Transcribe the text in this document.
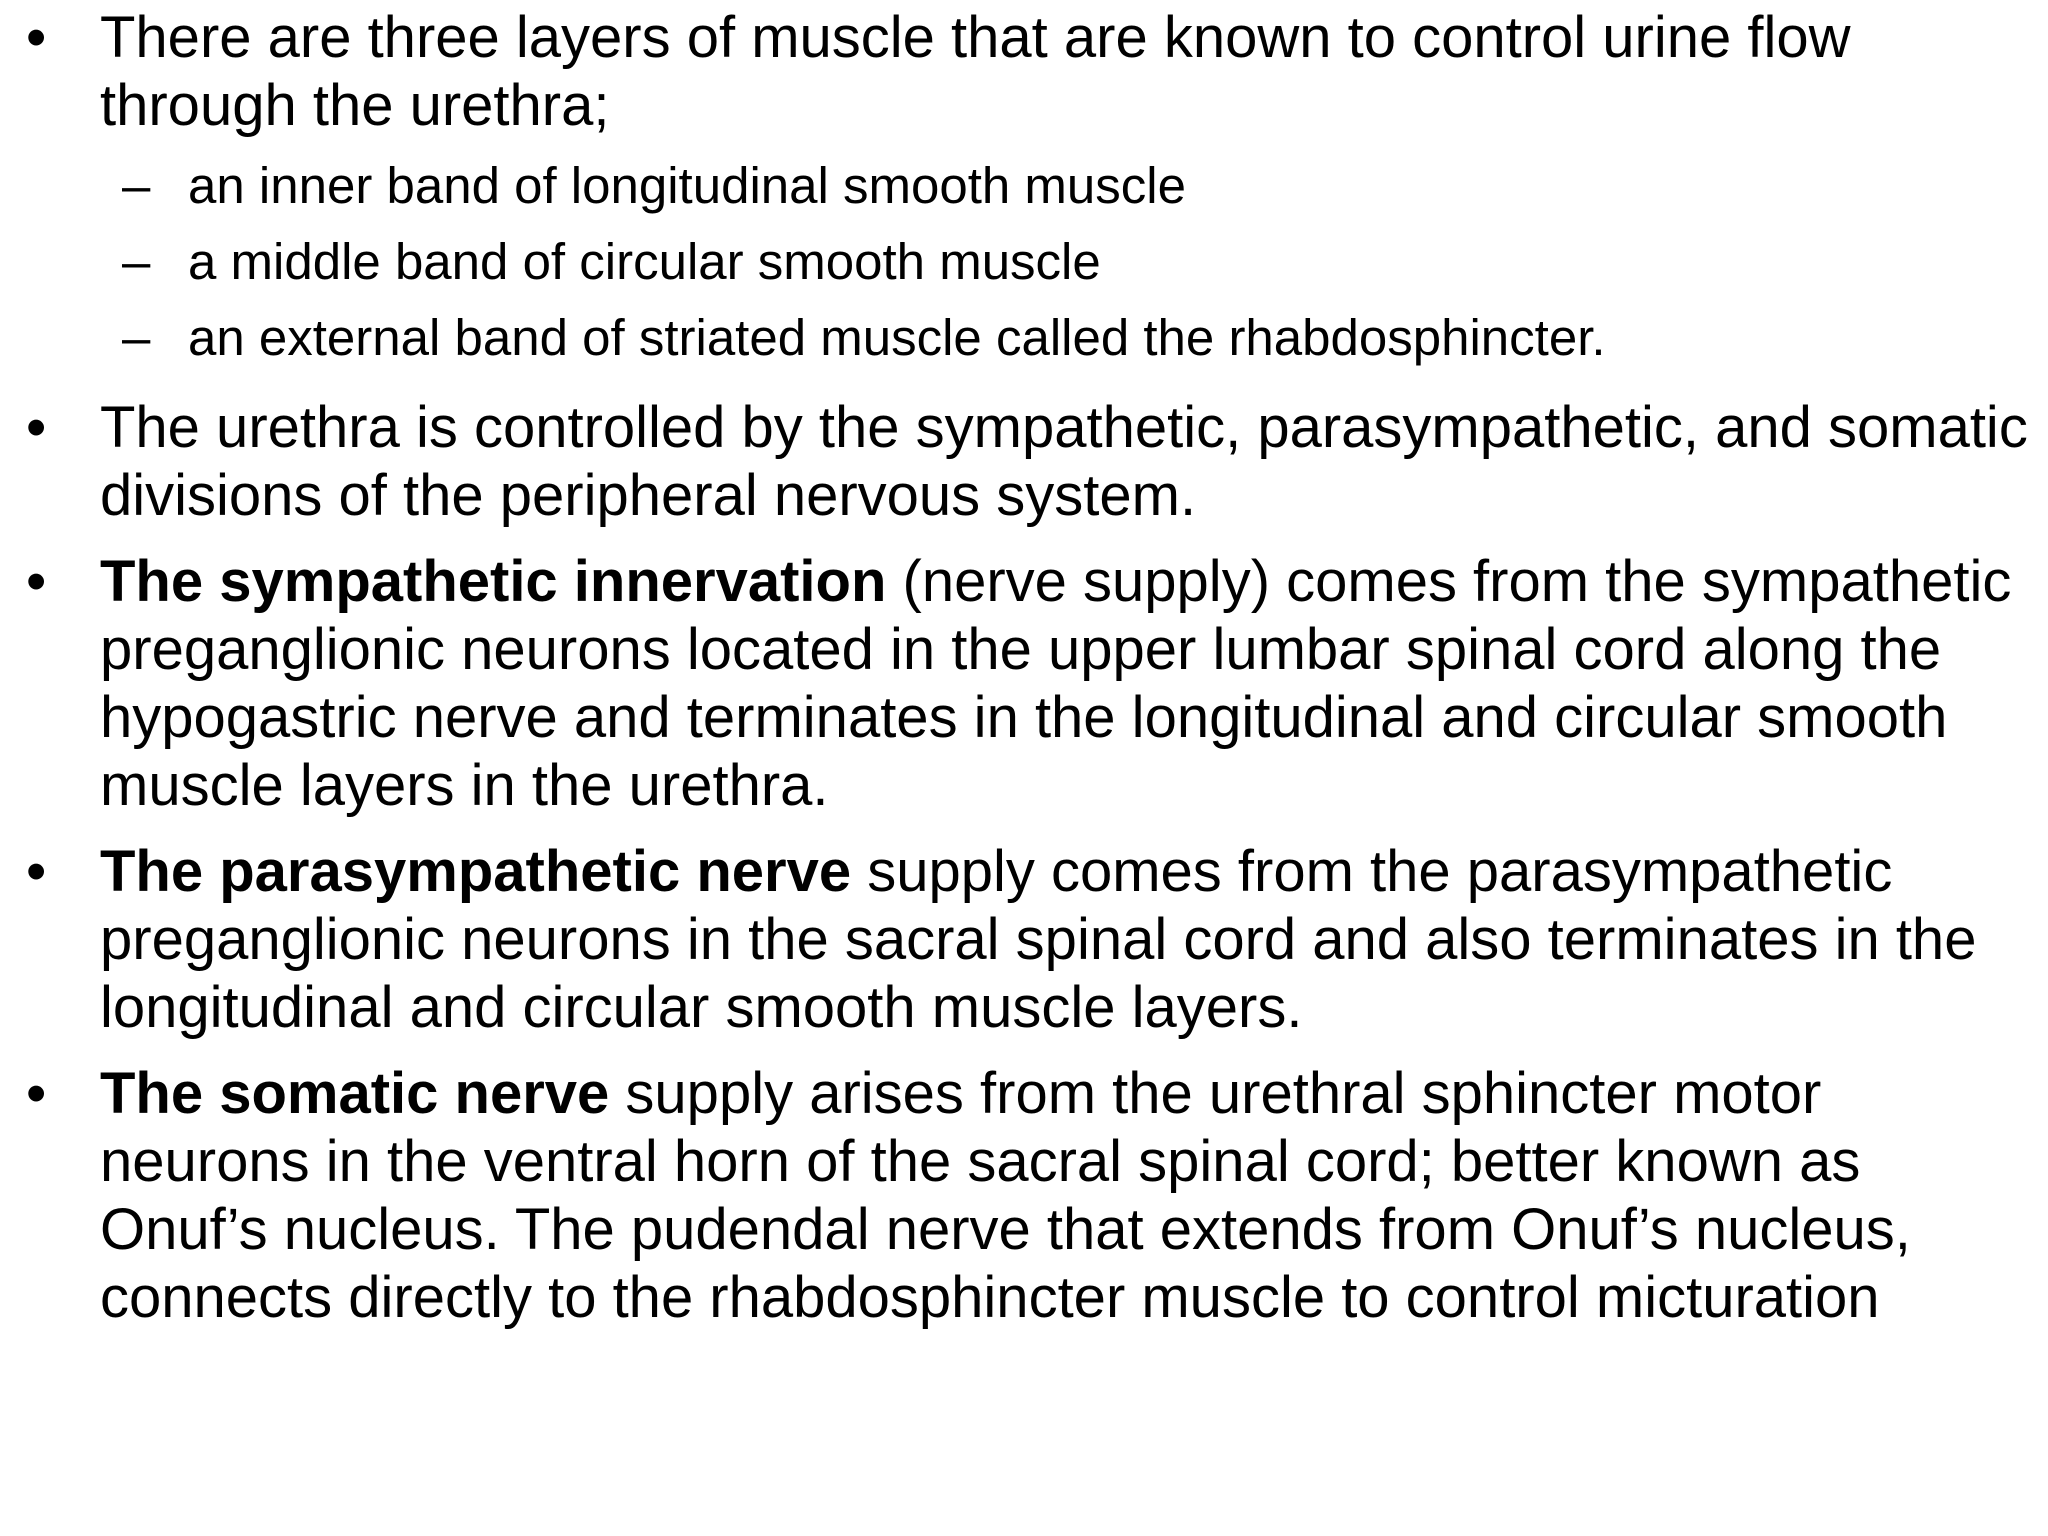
• There are three layers of muscle that are known to control urine flow through the urethra;
– an inner band of longitudinal smooth muscle
– a middle band of circular smooth muscle
– an external band of striated muscle called the rhabdosphincter.
• The urethra is controlled by the sympathetic, parasympathetic, and somatic divisions of the peripheral nervous system.
• The sympathetic innervation (nerve supply) comes from the sympathetic preganglionic neurons located in the upper lumbar spinal cord along the hypogastric nerve and terminates in the longitudinal and circular smooth muscle layers in the urethra.
• The parasympathetic nerve supply comes from the parasympathetic preganglionic neurons in the sacral spinal cord and also terminates in the longitudinal and circular smooth muscle layers.
• The somatic nerve supply arises from the urethral sphincter motor neurons in the ventral horn of the sacral spinal cord; better known as Onuf’s nucleus. The pudendal nerve that extends from Onuf’s nucleus, connects directly to the rhabdosphincter muscle to control micturation
